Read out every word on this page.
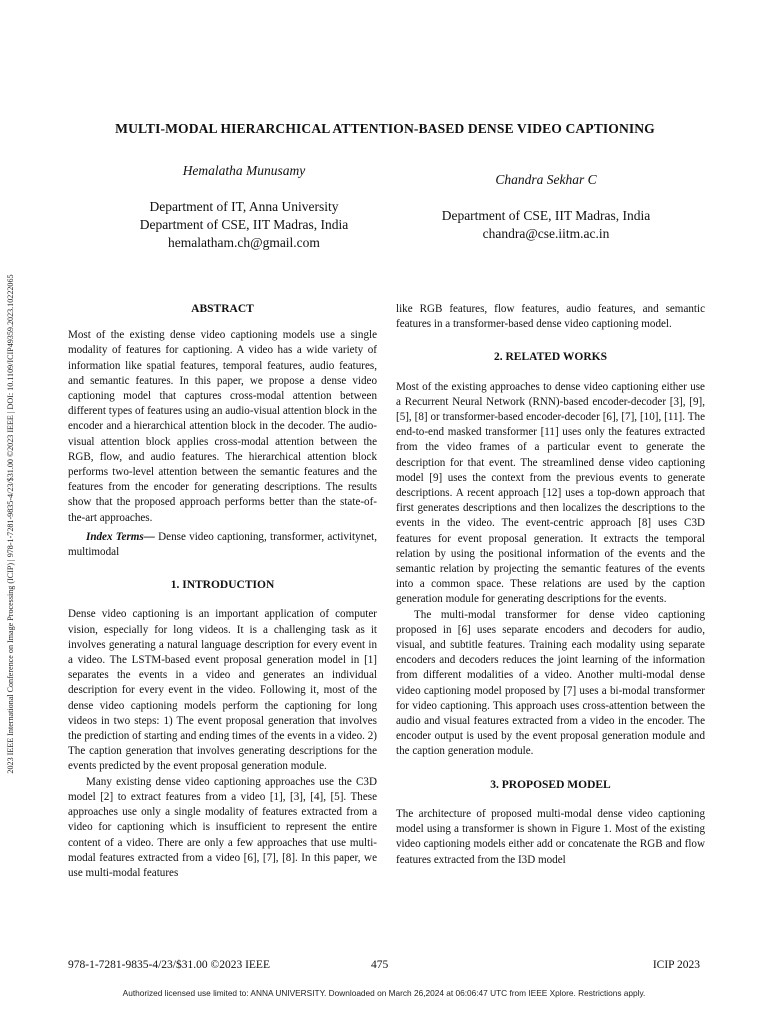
2023 IEEE International Conference on Image Processing (ICIP) | 978-1-7281-9835-4/23/$31.00 ©2023 IEEE | DOI: 10.1109/ICIP49359.2023.10222065
MULTI-MODAL HIERARCHICAL ATTENTION-BASED DENSE VIDEO CAPTIONING
Hemalatha Munusamy
Department of IT, Anna University
Department of CSE, IIT Madras, India
hemalatham.ch@gmail.com
Chandra Sekhar C
Department of CSE, IIT Madras, India
chandra@cse.iitm.ac.in

ABSTRACT

Most of the existing dense video captioning models use a single modality of features for captioning. A video has a wide variety of information like spatial features, temporal features, audio features, and semantic features. In this paper, we propose a dense video captioning model that captures cross-modal attention between different types of features using an audio-visual attention block in the encoder and a hierarchical attention block in the decoder. The audio-visual attention block applies cross-modal attention between the RGB, flow, and audio features. The hierarchical attention block performs two-level attention between the semantic features and the features from the encoder for generating descriptions. The results show that the proposed approach performs better than the state-of-the-art approaches.

Index Terms— Dense video captioning, transformer, activitynet, multimodal

1. INTRODUCTION

Dense video captioning is an important application of computer vision, especially for long videos. It is a challenging task as it involves generating a natural language description for every event in a video. The LSTM-based event proposal generation model in [1] separates the events in a video and generates an individual description for every event in the video. Following it, most of the dense video captioning models perform the captioning for long videos in two steps: 1) The event proposal generation that involves the prediction of starting and ending times of the events in a video. 2) The caption generation that involves generating descriptions for the events predicted by the event proposal generation module.

Many existing dense video captioning approaches use the C3D model [2] to extract features from a video [1], [3], [4], [5]. These approaches use only a single modality of features extracted from a video for captioning which is insufficient to represent the entire content of a video. There are only a few approaches that use multi-modal features extracted from a video [6], [7], [8]. In this paper, we use multi-modal features

like RGB features, flow features, audio features, and semantic features in a transformer-based dense video captioning model.

2. RELATED WORKS

Most of the existing approaches to dense video captioning either use a Recurrent Neural Network (RNN)-based encoder-decoder [3], [9], [5], [8] or transformer-based encoder-decoder [6], [7], [10], [11]. The end-to-end masked transformer [11] uses only the features extracted from the video frames of a particular event to generate the description for that event. The streamlined dense video captioning model [9] uses the context from the previous events to generate descriptions. A recent approach [12] uses a top-down approach that first generates descriptions and then localizes the descriptions to the events in the video. The event-centric approach [8] uses C3D features for event proposal generation. It extracts the temporal relation by using the positional information of the events and the semantic relation by projecting the semantic features of the events into a common space. These relations are used by the caption generation module for generating descriptions for the events.

The multi-modal transformer for dense video captioning proposed in [6] uses separate encoders and decoders for audio, visual, and subtitle features. Training each modality using separate encoders and decoders reduces the joint learning of the information from different modalities of a video. Another multi-modal dense video captioning model proposed by [7] uses a bi-modal transformer for video captioning. This approach uses cross-attention between the audio and visual features extracted from a video in the encoder. The encoder output is used by the event proposal generation module and the caption generation module.

3. PROPOSED MODEL

The architecture of proposed multi-modal dense video captioning model using a transformer is shown in Figure 1. Most of the existing video captioning models either add or concatenate the RGB and flow features extracted from the I3D model

978-1-7281-9835-4/23/$31.00 ©2023 IEEE	475	ICIP 2023
Authorized licensed use limited to: ANNA UNIVERSITY. Downloaded on March 26,2024 at 06:06:47 UTC from IEEE Xplore. Restrictions apply.
